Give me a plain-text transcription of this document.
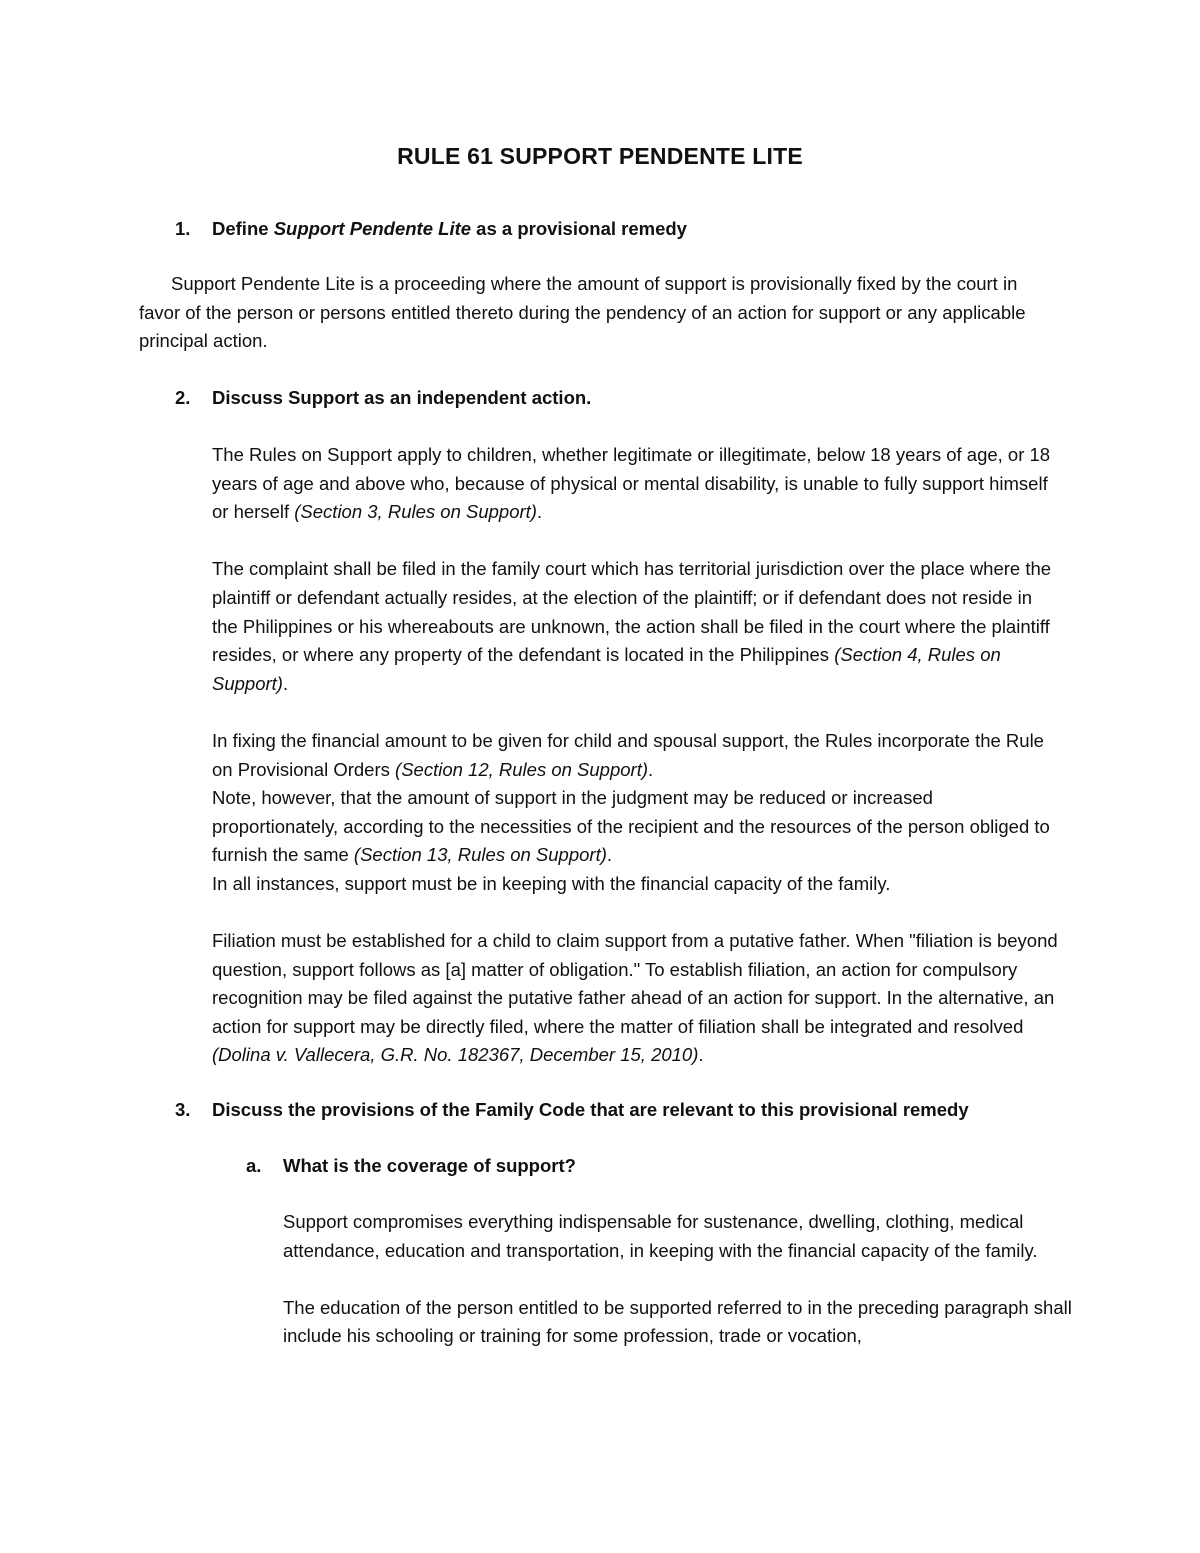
RULE 61 SUPPORT PENDENTE LITE
1. Define Support Pendente Lite as a provisional remedy

Support Pendente Lite is a proceeding where the amount of support is provisionally fixed by the court in favor of the person or persons entitled thereto during the pendency of an action for support or any applicable principal action.

2. Discuss Support as an independent action.

The Rules on Support apply to children, whether legitimate or illegitimate, below 18 years of age, or 18 years of age and above who, because of physical or mental disability, is unable to fully support himself or herself (Section 3, Rules on Support).

The complaint shall be filed in the family court which has territorial jurisdiction over the place where the plaintiff or defendant actually resides, at the election of the plaintiff; or if defendant does not reside in the Philippines or his whereabouts are unknown, the action shall be filed in the court where the plaintiff resides, or where any property of the defendant is located in the Philippines (Section 4, Rules on Support).

In fixing the financial amount to be given for child and spousal support, the Rules incorporate the Rule on Provisional Orders (Section 12, Rules on Support).

Note, however, that the amount of support in the judgment may be reduced or increased proportionately, according to the necessities of the recipient and the resources of the person obliged to furnish the same (Section 13, Rules on Support).

In all instances, support must be in keeping with the financial capacity of the family.

Filiation must be established for a child to claim support from a putative father. When "filiation is beyond question, support follows as [a] matter of obligation." To establish filiation, an action for compulsory recognition may be filed against the putative father ahead of an action for support. In the alternative, an action for support may be directly filed, where the matter of filiation shall be integrated and resolved (Dolina v. Vallecera, G.R. No. 182367, December 15, 2010).

3. Discuss the provisions of the Family Code that are relevant to this provisional remedy
a. What is the coverage of support?

Support compromises everything indispensable for sustenance, dwelling, clothing, medical attendance, education and transportation, in keeping with the financial capacity of the family.

The education of the person entitled to be supported referred to in the preceding paragraph shall include his schooling or training for some profession, trade or vocation,
